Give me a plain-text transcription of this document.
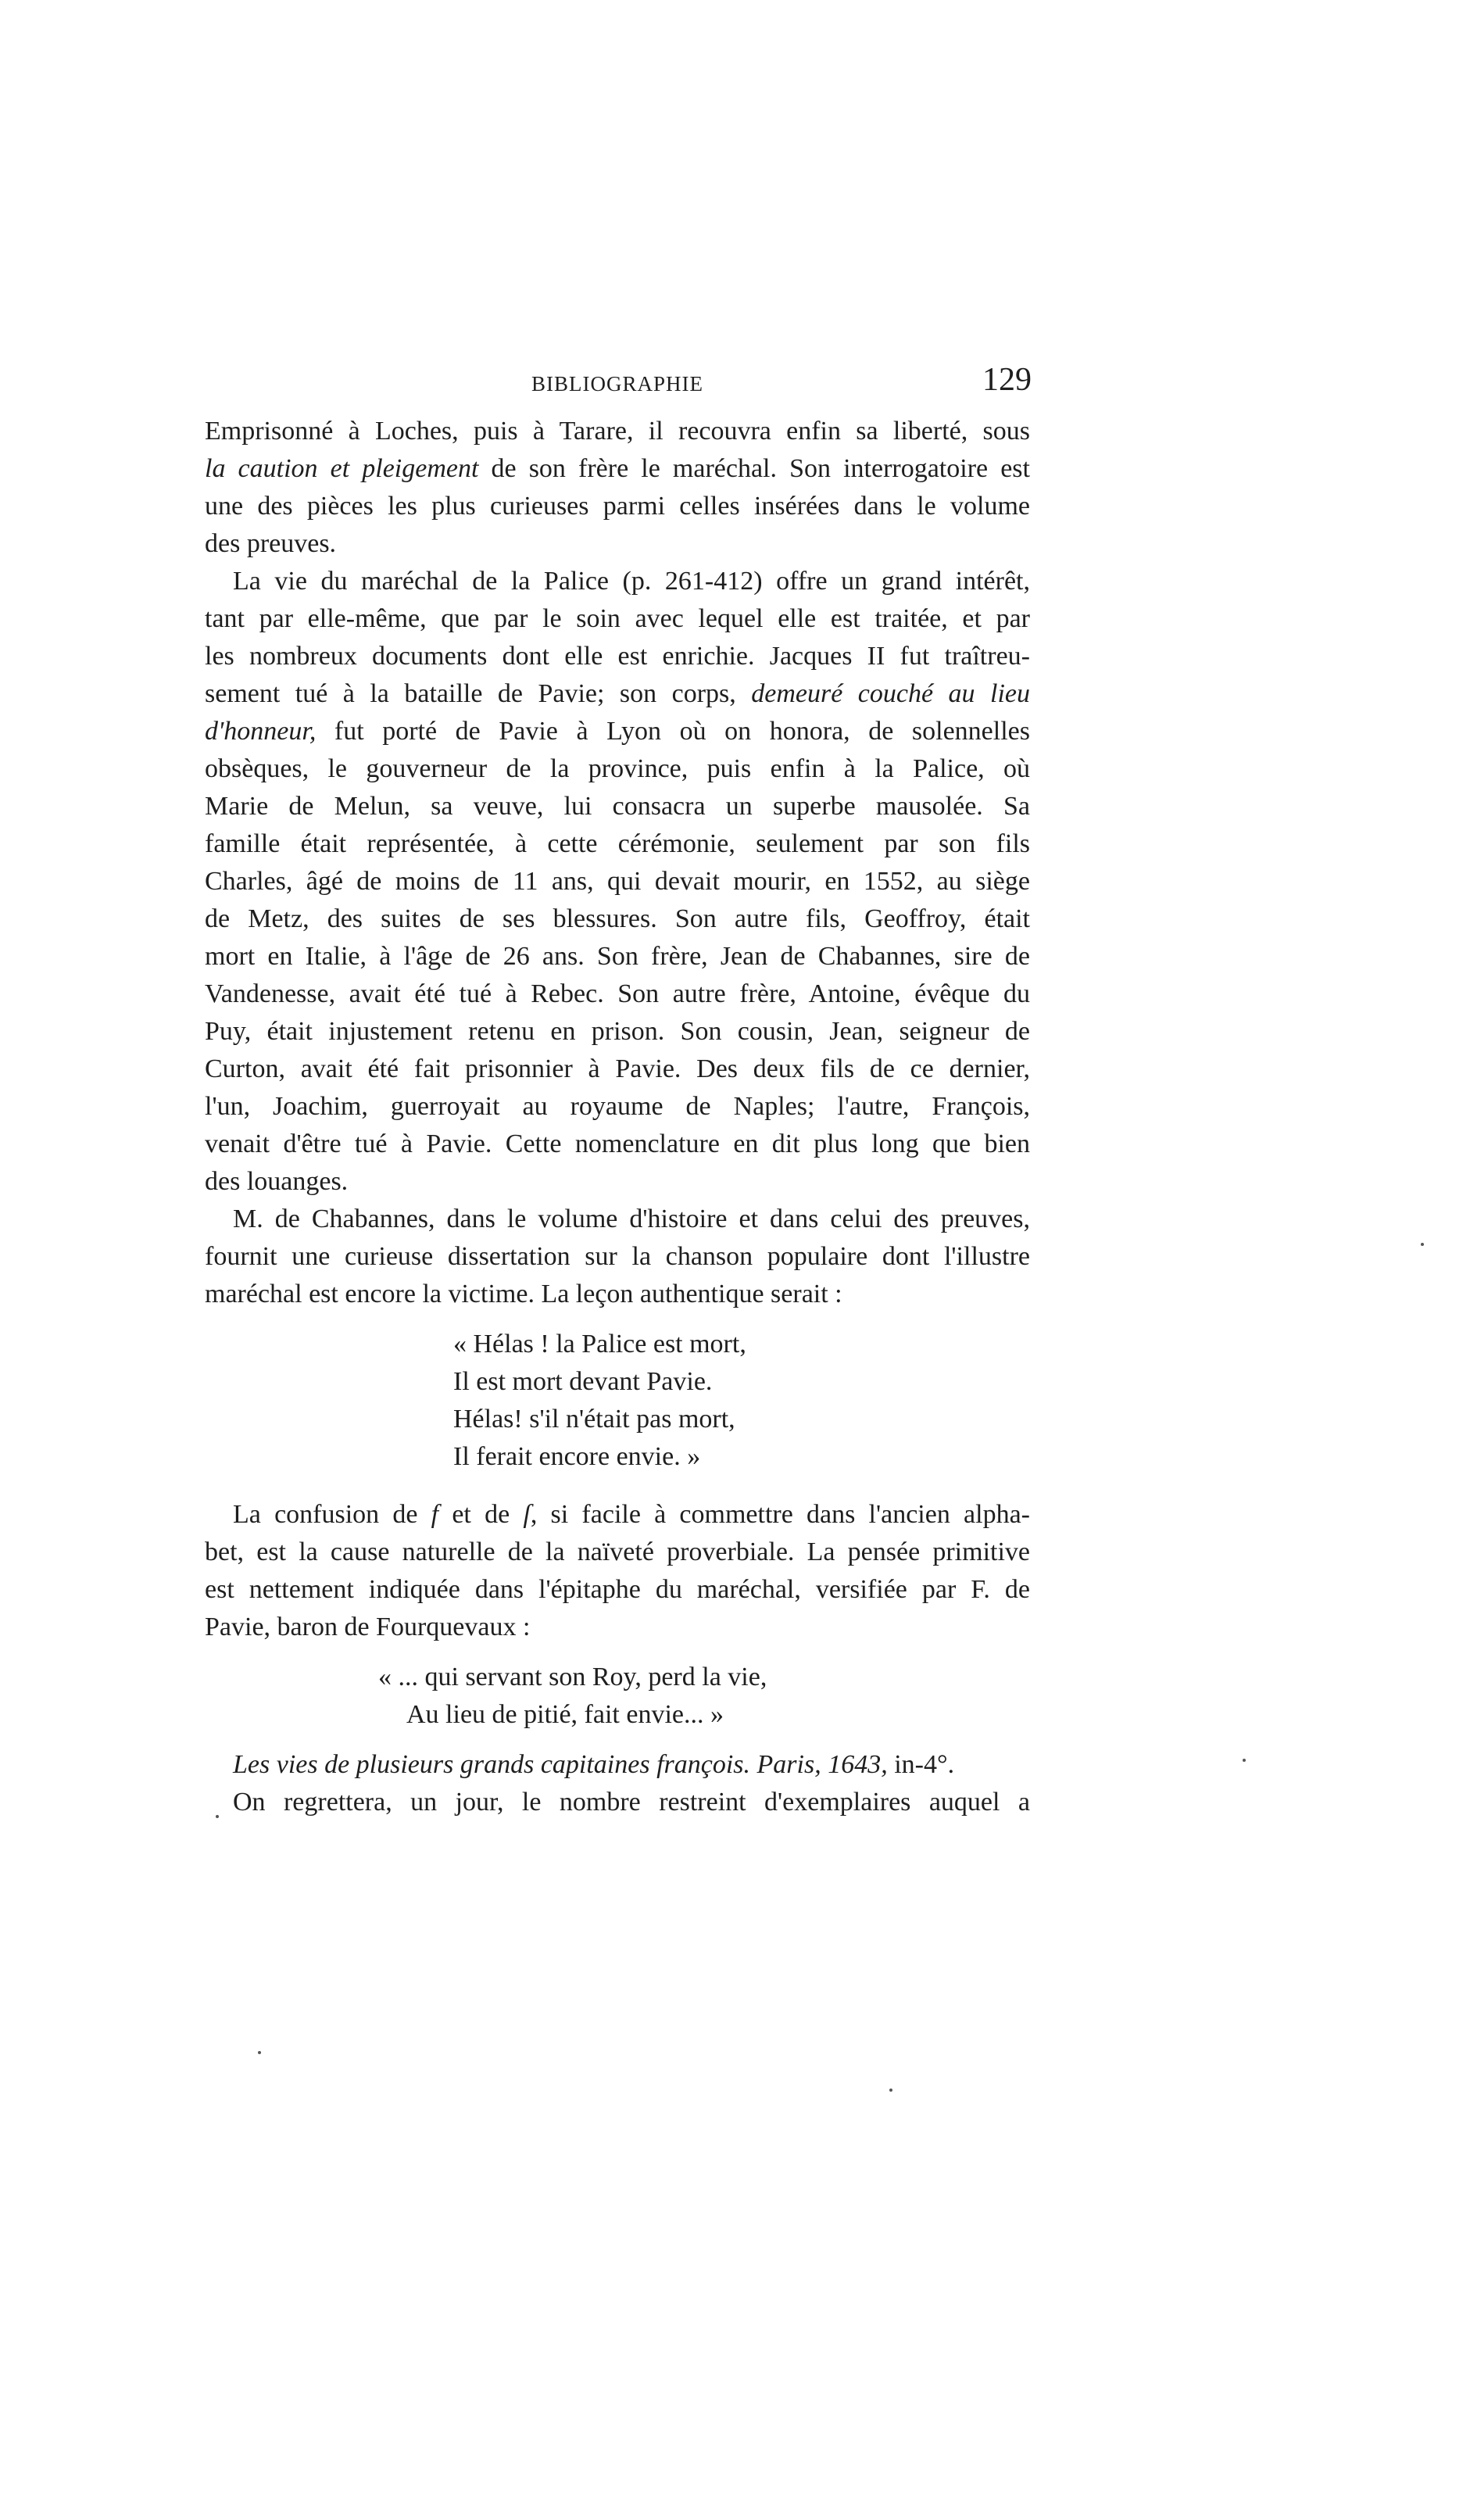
BIBLIOGRAPHIE	129
Emprisonné à Loches, puis à Tarare, il recouvra enfin sa liberté, sous
la caution et pleigement de son frère le maréchal. Son interrogatoire est
une des pièces les plus curieuses parmi celles insérées dans le volume
des preuves.
La vie du maréchal de la Palice (p. 261-412) offre un grand intérêt,
tant par elle-même, que par le soin avec lequel elle est traitée, et par
les nombreux documents dont elle est enrichie. Jacques II fut traîtreu-
sement tué à la bataille de Pavie; son corps, demeuré couché au lieu
d'honneur, fut porté de Pavie à Lyon où on honora, de solennelles
obsèques, le gouverneur de la province, puis enfin à la Palice, où
Marie de Melun, sa veuve, lui consacra un superbe mausolée. Sa
famille était représentée, à cette cérémonie, seulement par son fils
Charles, âgé de moins de 11 ans, qui devait mourir, en 1552, au siège
de Metz, des suites de ses blessures. Son autre fils, Geoffroy, était
mort en Italie, à l'âge de 26 ans. Son frère, Jean de Chabannes, sire de
Vandenesse, avait été tué à Rebec. Son autre frère, Antoine, évêque du
Puy, était injustement retenu en prison. Son cousin, Jean, seigneur de
Curton, avait été fait prisonnier à Pavie. Des deux fils de ce dernier,
l'un, Joachim, guerroyait au royaume de Naples; l'autre, François,
venait d'être tué à Pavie. Cette nomenclature en dit plus long que bien
des louanges.
M. de Chabannes, dans le volume d'histoire et dans celui des preuves,
fournit une curieuse dissertation sur la chanson populaire dont l'illustre
maréchal est encore la victime. La leçon authentique serait :
« Hélas ! la Palice est mort,
Il est mort devant Pavie.
Hélas! s'il n'était pas mort,
Il ferait encore envie. »
La confusion de f et de ſ, si facile à commettre dans l'ancien alpha-
bet, est la cause naturelle de la naïveté proverbiale. La pensée primitive
est nettement indiquée dans l'épitaphe du maréchal, versifiée par F. de
Pavie, baron de Fourquevaux :
« ... qui servant son Roy, perd la vie,
Au lieu de pitié, fait envie... »
Les vies de plusieurs grands capitaines françois. Paris, 1643, in-4°.
On regrettera, un jour, le nombre restreint d'exemplaires auquel a
